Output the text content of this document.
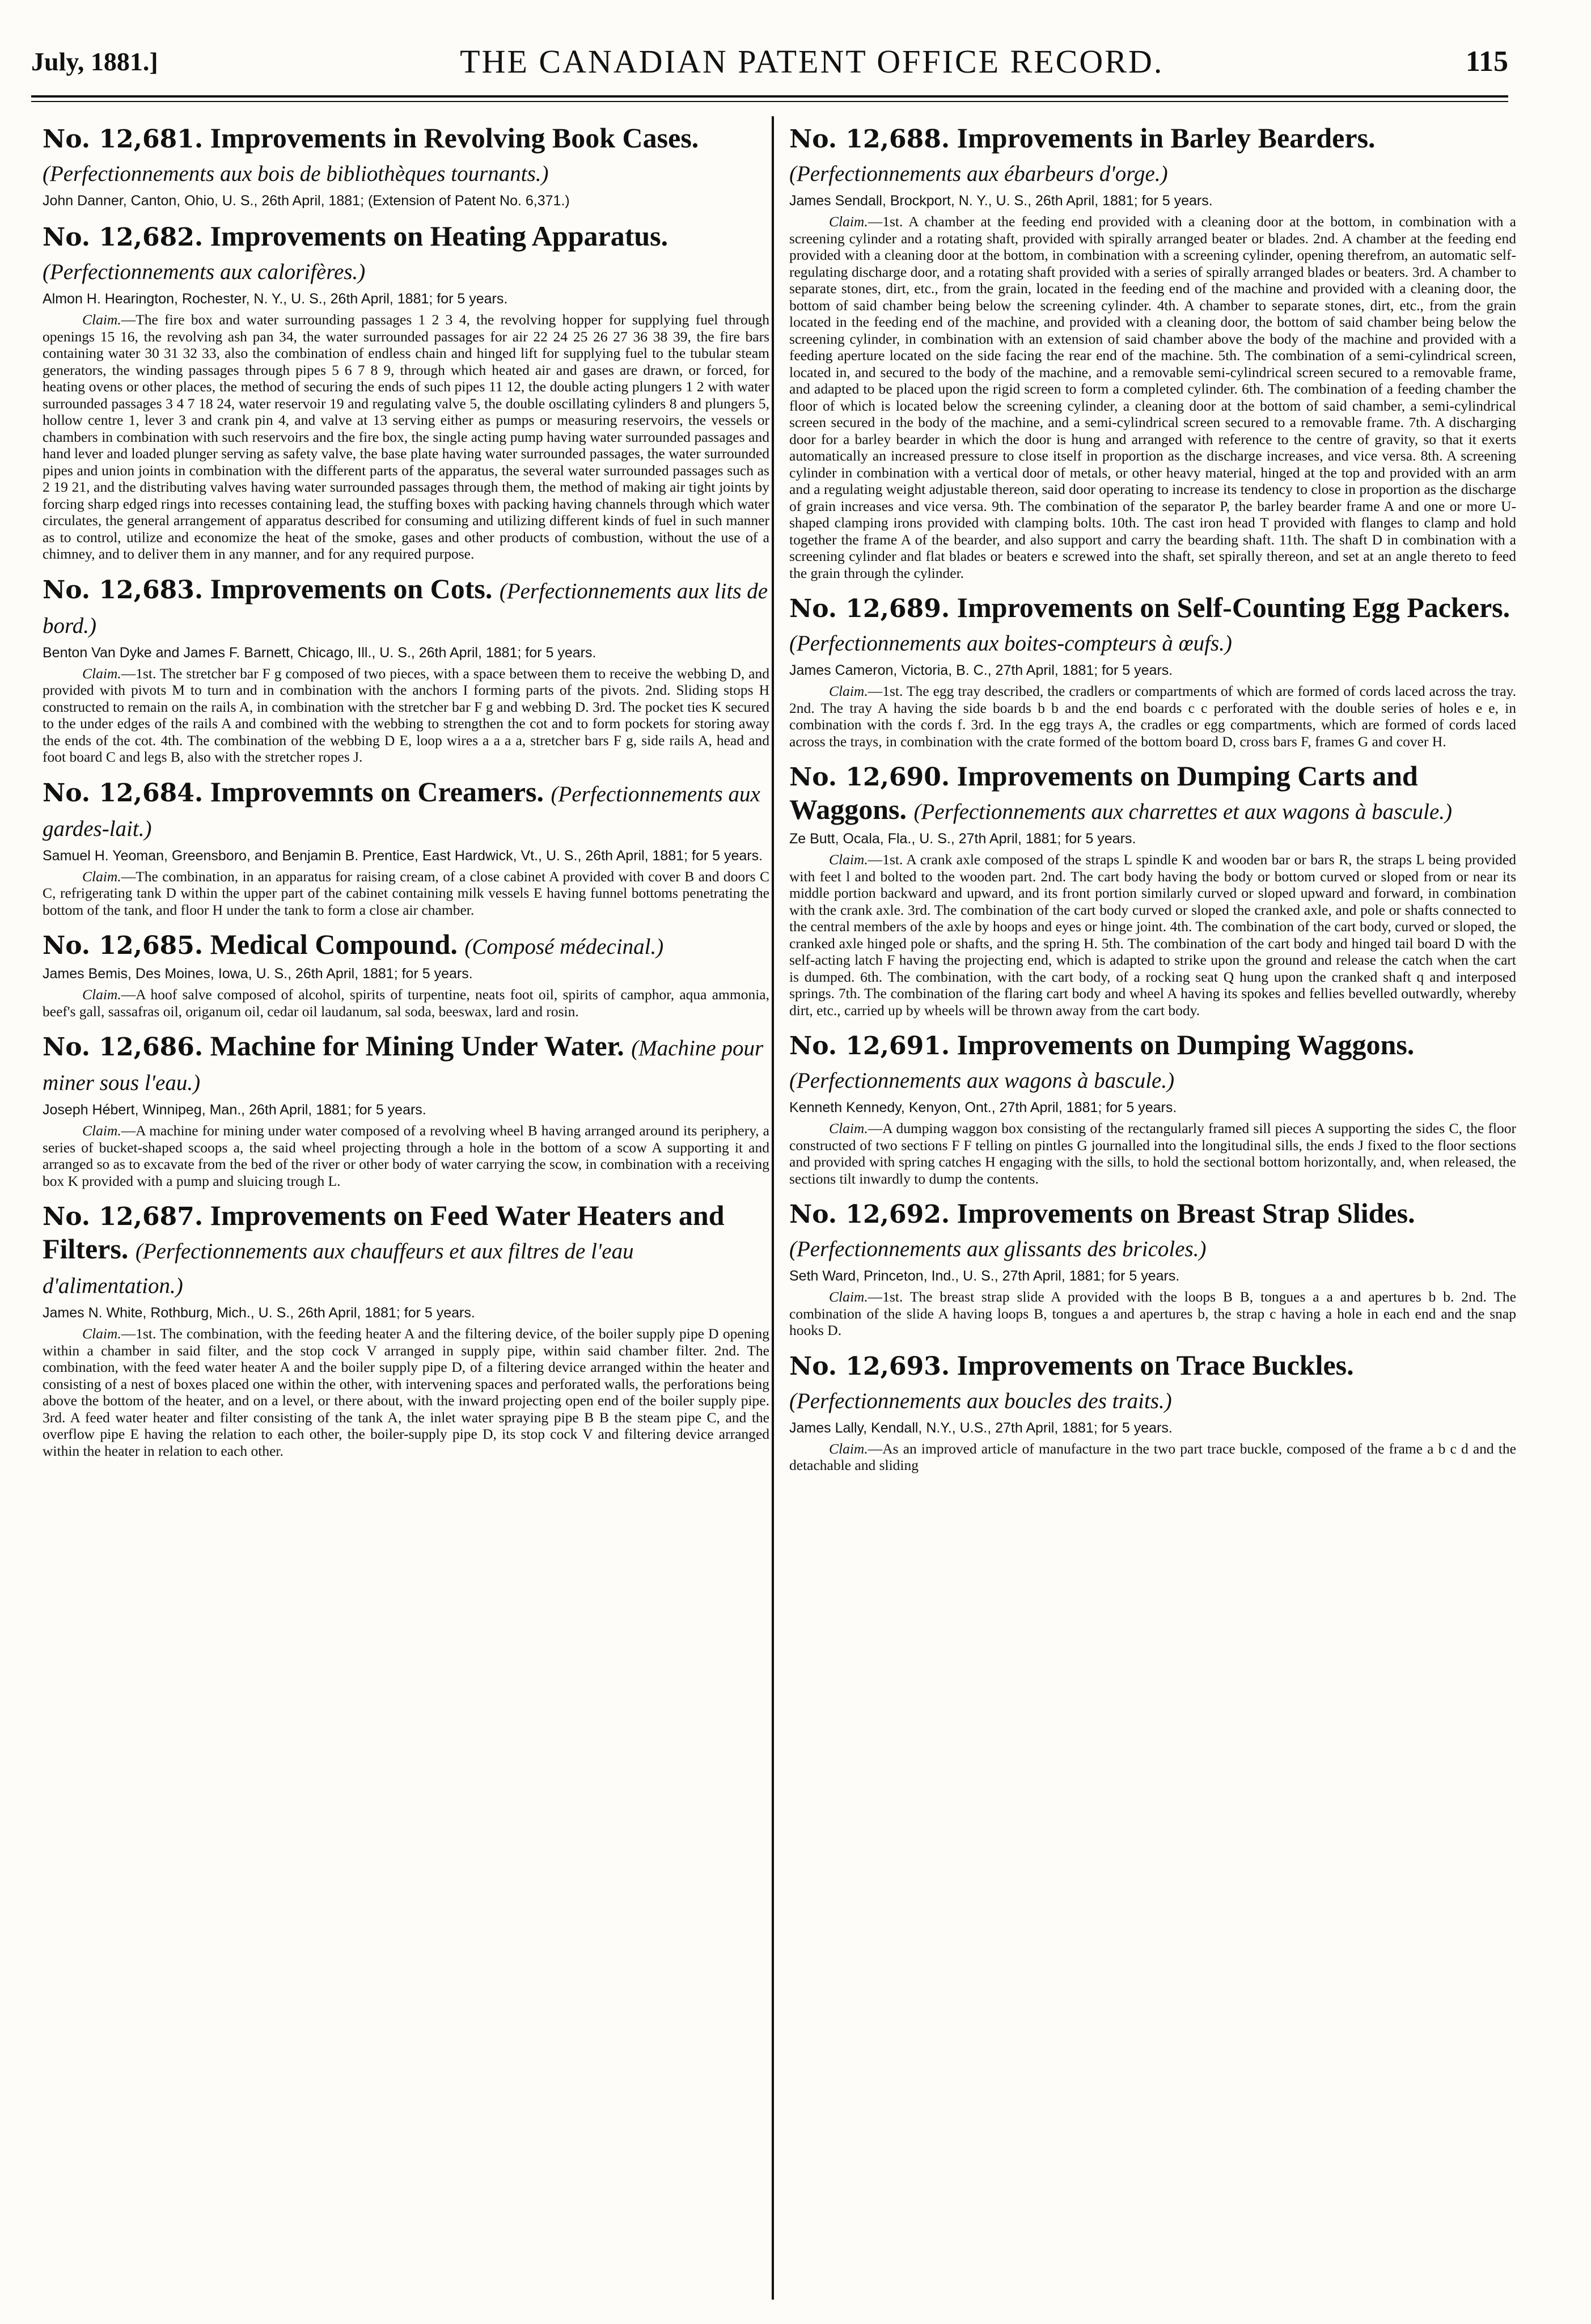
July, 1881.]	THE CANADIAN PATENT OFFICE RECORD.	115
No. 12,681. Improvements in Revolving Book Cases. (Perfectionnements aux bois de bibliothèques tournants.)
John Danner, Canton, Ohio, U. S., 26th April, 1881; (Extension of Patent No. 6,371.)
No. 12,682. Improvements on Heating Apparatus. (Perfectionnements aux calorifères.)
Almon H. Hearington, Rochester, N. Y., U. S., 26th April, 1881; for 5 years.

Claim.—The fire box and water surrounding passages 1 2 3 4, the revolving hopper for supplying fuel through openings 15 16, the revolving ash pan 34, the water surrounded passages for air 22 24 25 26 27 36 38 39, the fire bars containing water 30 31 32 33, also the combination of endless chain and hinged lift for supplying fuel to the tubular steam generators, the winding passages through pipes 5 6 7 8 9, through which heated air and gases are drawn, or forced, for heating ovens or other places, the method of securing the ends of such pipes 11 12, the double acting plungers 1 2 with water surrounded passages 3 4 7 18 24, water reservoir 19 and regulating valve 5, the double oscillating cylinders 8 and plungers 5, hollow centre 1, lever 3 and crank pin 4, and valve at 13 serving either as pumps or measuring reservoirs, the vessels or chambers in combination with such reservoirs and the fire box, the single acting pump having water surrounded passages and hand lever and loaded plunger serving as safety valve, the base plate having water surrounded passages, the water surrounded pipes and union joints in combination with the different parts of the apparatus, the several water surrounded passages such as 2 19 21, and the distributing valves having water surrounded passages through them, the method of making air tight joints by forcing sharp edged rings into recesses containing lead, the stuffing boxes with packing having channels through which water circulates, the general arrangement of apparatus described for consuming and utilizing different kinds of fuel in such manner as to control, utilize and economize the heat of the smoke, gases and other products of combustion, without the use of a chimney, and to deliver them in any manner, and for any required purpose.

No. 12,683. Improvements on Cots. (Perfectionnements aux lits de bord.)
Benton Van Dyke and James F. Barnett, Chicago, Ill., U. S., 26th April, 1881; for 5 years.

Claim.—1st. The stretcher bar F g composed of two pieces, with a space between them to receive the webbing D, and provided with pivots M to turn and in combination with the anchors I forming parts of the pivots. 2nd. Sliding stops H constructed to remain on the rails A, in combination with the stretcher bar F g and webbing D. 3rd. The pocket ties K secured to the under edges of the rails A and combined with the webbing to strengthen the cot and to form pockets for storing away the ends of the cot. 4th. The combination of the webbing D E, loop wires a a a a, stretcher bars F g, side rails A, head and foot board C and legs B, also with the stretcher ropes J.

No. 12,684. Improvemnts on Creamers. (Perfectionnements aux gardes-lait.)
Samuel H. Yeoman, Greensboro, and Benjamin B. Prentice, East Hardwick, Vt., U. S., 26th April, 1881; for 5 years.

Claim.—The combination, in an apparatus for raising cream, of a close cabinet A provided with cover B and doors C C, refrigerating tank D within the upper part of the cabinet containing milk vessels E having funnel bottoms penetrating the bottom of the tank, and floor H under the tank to form a close air chamber.

No. 12,685. Medical Compound. (Composé médecinal.)
James Bemis, Des Moines, Iowa, U. S., 26th April, 1881; for 5 years.

Claim.—A hoof salve composed of alcohol, spirits of turpentine, neats foot oil, spirits of camphor, aqua ammonia, beef's gall, sassafras oil, origanum oil, cedar oil laudanum, sal soda, beeswax, lard and rosin.

No. 12,686. Machine for Mining Under Water. (Machine pour miner sous l'eau.)
Joseph Hébert, Winnipeg, Man., 26th April, 1881; for 5 years.

Claim.—A machine for mining under water composed of a revolving wheel B having arranged around its periphery, a series of bucket-shaped scoops a, the said wheel projecting through a hole in the bottom of a scow A supporting it and arranged so as to excavate from the bed of the river or other body of water carrying the scow, in combination with a receiving box K provided with a pump and sluicing trough L.

No. 12,687. Improvements on Feed Water Heaters and Filters. (Perfectionnements aux chauffeurs et aux filtres de l'eau d'alimentation.)
James N. White, Rothburg, Mich., U. S., 26th April, 1881; for 5 years.

Claim.—1st. The combination, with the feeding heater A and the filtering device, of the boiler supply pipe D opening within a chamber in said filter, and the stop cock V arranged in supply pipe, within said chamber filter. 2nd. The combination, with the feed water heater A and the boiler supply pipe D, of a filtering device arranged within the heater and consisting of a nest of boxes placed one within the other, with intervening spaces and perforated walls, the perforations being above the bottom of the heater, and on a level, or there about, with the inward projecting open end of the boiler supply pipe. 3rd. A feed water heater and filter consisting of the tank A, the inlet water spraying pipe B B the steam pipe C, and the overflow pipe E having the relation to each other, the boiler-supply pipe D, its stop cock V and filtering device arranged within the heater in relation to each other.

No. 12,688. Improvements in Barley Bearders. (Perfectionnements aux ébarbeurs d'orge.)
James Sendall, Brockport, N. Y., U. S., 26th April, 1881; for 5 years.

Claim.—1st. A chamber at the feeding end provided with a cleaning door at the bottom, in combination with a screening cylinder and a rotating shaft, provided with spirally arranged beater or blades. 2nd. A chamber at the feeding end provided with a cleaning door at the bottom, in combination with a screening cylinder, opening therefrom, an automatic self-regulating discharge door, and a rotating shaft provided with a series of spirally arranged blades or beaters. 3rd. A chamber to separate stones, dirt, etc., from the grain, located in the feeding end of the machine and provided with a cleaning door, the bottom of said chamber being below the screening cylinder. 4th. A chamber to separate stones, dirt, etc., from the grain located in the feeding end of the machine, and provided with a cleaning door, the bottom of said chamber being below the screening cylinder, in combination with an extension of said chamber above the body of the machine and provided with a feeding aperture located on the side facing the rear end of the machine. 5th. The combination of a semi-cylindrical screen, located in, and secured to the body of the machine, and a removable semi-cylindrical screen secured to a removable frame, and adapted to be placed upon the rigid screen to form a completed cylinder. 6th. The combination of a feeding chamber the floor of which is located below the screening cylinder, a cleaning door at the bottom of said chamber, a semi-cylindrical screen secured in the body of the machine, and a semi-cylindrical screen secured to a removable frame. 7th. A discharging door for a barley bearder in which the door is hung and arranged with reference to the centre of gravity, so that it exerts automatically an increased pressure to close itself in proportion as the discharge increases, and vice versa. 8th. A screening cylinder in combination with a vertical door of metals, or other heavy material, hinged at the top and provided with an arm and a regulating weight adjustable thereon, said door operating to increase its tendency to close in proportion as the discharge of grain increases and vice versa. 9th. The combination of the separator P, the barley bearder frame A and one or more U-shaped clamping irons provided with clamping bolts. 10th. The cast iron head T provided with flanges to clamp and hold together the frame A of the bearder, and also support and carry the bearding shaft. 11th. The shaft D in combination with a screening cylinder and flat blades or beaters e screwed into the shaft, set spirally thereon, and set at an angle thereto to feed the grain through the cylinder.

No. 12,689. Improvements on Self-Counting Egg Packers. (Perfectionnements aux boites-compteurs à œufs.)
James Cameron, Victoria, B. C., 27th April, 1881; for 5 years.

Claim.—1st. The egg tray described, the cradlers or compartments of which are formed of cords laced across the tray. 2nd. The tray A having the side boards b b and the end boards c c perforated with the double series of holes e e, in combination with the cords f. 3rd. In the egg trays A, the cradles or egg compartments, which are formed of cords laced across the trays, in combination with the crate formed of the bottom board D, cross bars F, frames G and cover H.

No. 12,690. Improvements on Dumping Carts and Waggons. (Perfectionnements aux charrettes et aux wagons à bascule.)
Ze Butt, Ocala, Fla., U. S., 27th April, 1881; for 5 years.

Claim.—1st. A crank axle composed of the straps L spindle K and wooden bar or bars R, the straps L being provided with feet l and bolted to the wooden part. 2nd. The cart body having the body or bottom curved or sloped from or near its middle portion backward and upward, and its front portion similarly curved or sloped upward and forward, in combination with the crank axle. 3rd. The combination of the cart body curved or sloped the cranked axle, and pole or shafts connected to the central members of the axle by hoops and eyes or hinge joint. 4th. The combination of the cart body, curved or sloped, the cranked axle hinged pole or shafts, and the spring H. 5th. The combination of the cart body and hinged tail board D with the self-acting latch F having the projecting end, which is adapted to strike upon the ground and release the catch when the cart is dumped. 6th. The combination, with the cart body, of a rocking seat Q hung upon the cranked shaft q and interposed springs. 7th. The combination of the flaring cart body and wheel A having its spokes and fellies bevelled outwardly, whereby dirt, etc., carried up by wheels will be thrown away from the cart body.

No. 12,691. Improvements on Dumping Waggons. (Perfectionnements aux wagons à bascule.)
Kenneth Kennedy, Kenyon, Ont., 27th April, 1881; for 5 years.

Claim.—A dumping waggon box consisting of the rectangularly framed sill pieces A supporting the sides C, the floor constructed of two sections F F telling on pintles G journalled into the longitudinal sills, the ends J fixed to the floor sections and provided with spring catches H engaging with the sills, to hold the sectional bottom horizontally, and, when released, the sections tilt inwardly to dump the contents.

No. 12,692. Improvements on Breast Strap Slides. (Perfectionnements aux glissants des bricoles.)
Seth Ward, Princeton, Ind., U. S., 27th April, 1881; for 5 years.

Claim.—1st. The breast strap slide A provided with the loops B B, tongues a a and apertures b b. 2nd. The combination of the slide A having loops B, tongues a and apertures b, the strap c having a hole in each end and the snap hooks D.

No. 12,693. Improvements on Trace Buckles. (Perfectionnements aux boucles des traits.)
James Lally, Kendall, N.Y., U.S., 27th April, 1881; for 5 years.

Claim.—As an improved article of manufacture in the two part trace buckle, composed of the frame a b c d and the detachable and sliding
